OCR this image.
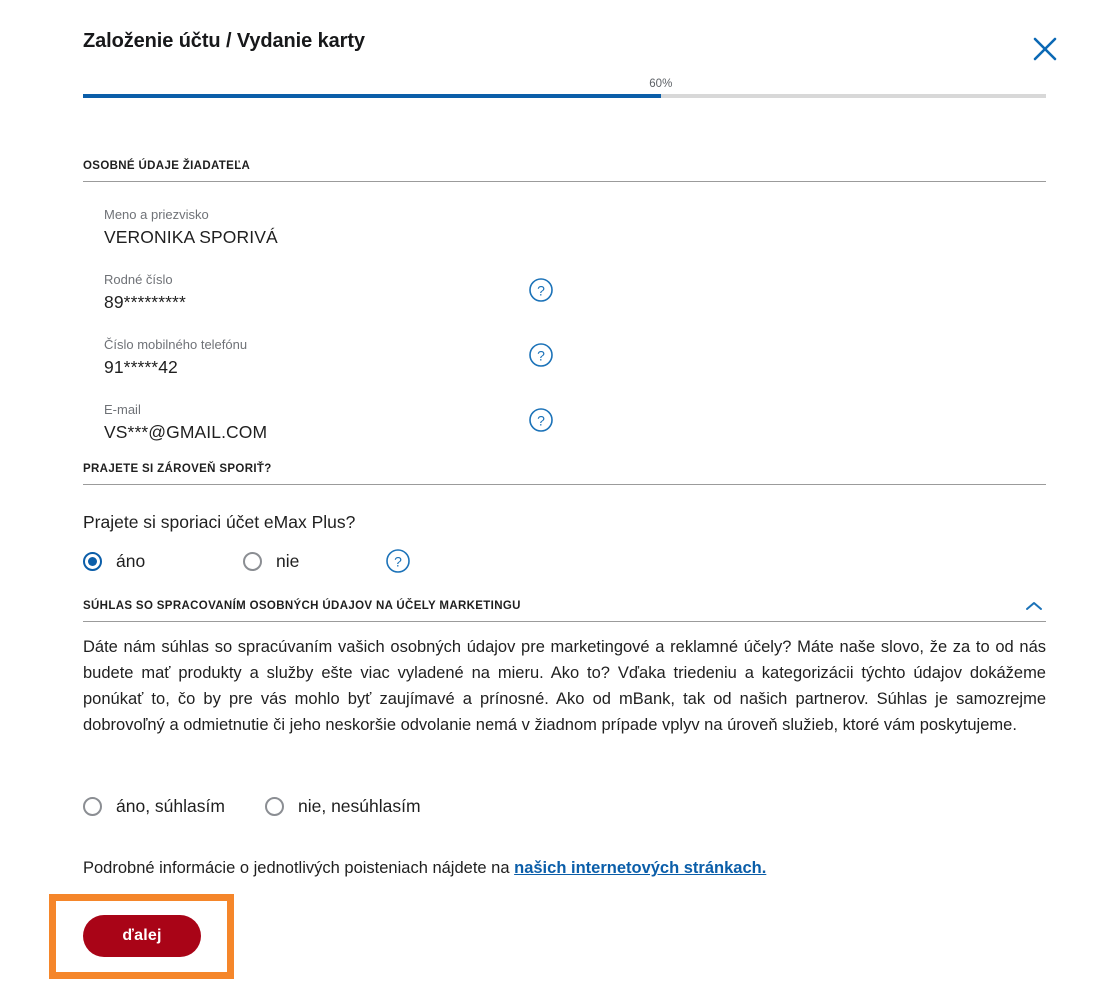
Založenie účtu / Vydanie karty
60%
OSOBNÉ ÚDAJE ŽIADATEĽA
Meno a priezvisko
VERONIKA SPORIVÁ
Rodné číslo
89*********
?
Číslo mobilného telefónu
91*****42
?
E-mail
VS***@GMAIL.COM
?
PRAJETE SI ZÁROVEŇ SPORIŤ?
Prajete si sporiaci účet eMax Plus?
áno	nie	?
SÚHLAS SO SPRACOVANÍM OSOBNÝCH ÚDAJOV NA ÚČELY MARKETINGU

Dáte nám súhlas so spracúvaním vašich osobných údajov pre marketingové a reklamné účely? Máte naše slovo, že za to od nás budete mať produkty a služby ešte viac vyladené na mieru. Ako to? Vďaka triedeniu a kategorizácii týchto údajov dokážeme ponúkať to, čo by pre vás mohlo byť zaujímavé a prínosné. Ako od mBank, tak od našich partnerov. Súhlas je samozrejme dobrovoľný a odmietnutie či jeho neskoršie odvolanie nemá v žiadnom prípade vplyv na úroveň služieb, ktoré vám poskytujeme.

áno, súhlasím	nie, nesúhlasím
Podrobné informácie o jednotlivých poisteniach nájdete na našich internetových stránkach.
ďalej
